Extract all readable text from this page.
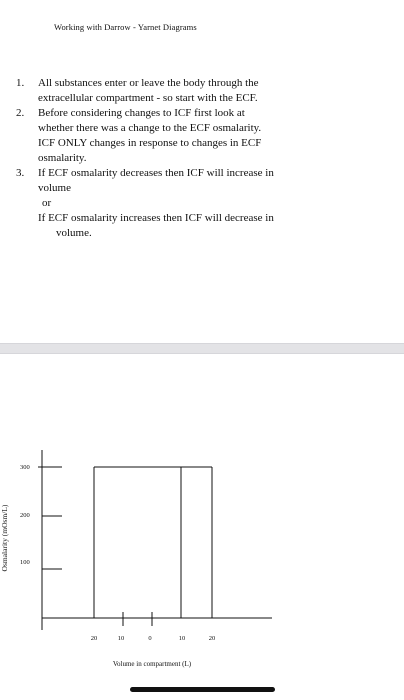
Working with Darrow - Yarnet Diagrams
1. All substances enter or leave the body through the
extracellular compartment - so start with the ECF.
2. Before considering changes to ICF first look at
whether there was a change to the ECF osmalarity.
ICF ONLY changes in response to changes in ECF
osmalarity.
3. If ECF osmalarity decreases then ICF will increase in
volume
or
If ECF osmalarity increases then ICF will decrease in
volume.
Osmalarity (mOsm/L)
300
200
100
20	10	0	10	20
Volume in compartment (L)
